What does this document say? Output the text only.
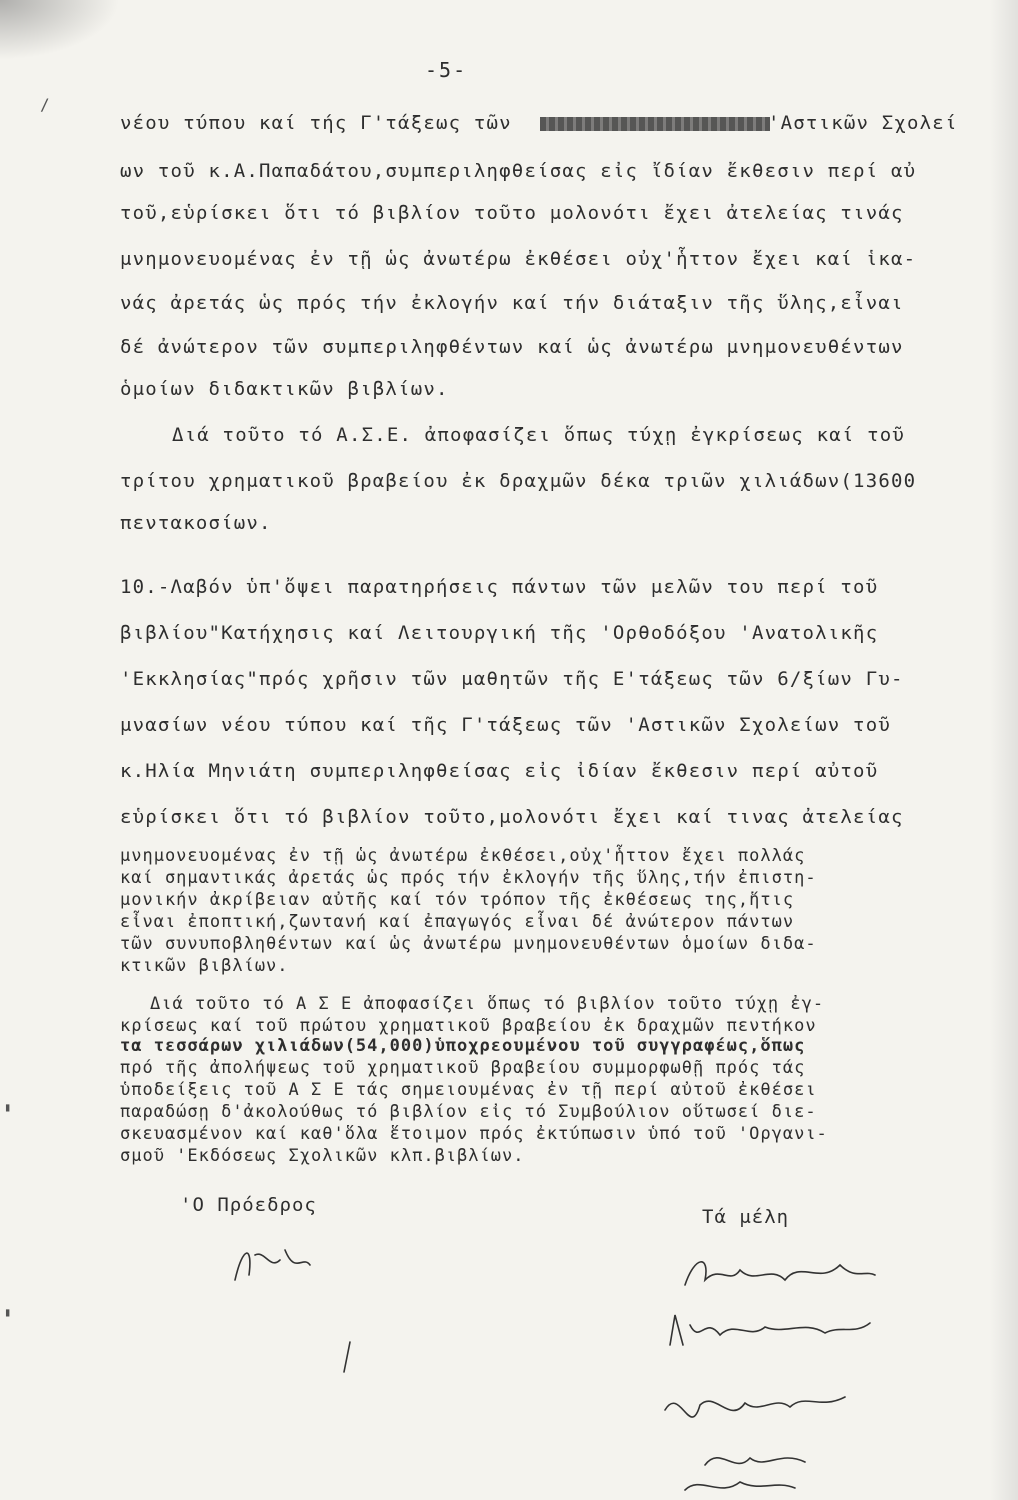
-5-
/
νέου τύπου καί τής Γ'τάξεως τῶν	'Αστικῶν Σχολεί
ων τοῦ κ.Α.Παπαδάτου,συμπεριληφθείσας εἰς ἴδίαν ἔκθεσιν περί αὐ
τοῦ,εὑρίσκει ὅτι τό βιβλίον τοῦτο μολονότι ἔχει ἀτελείας τινάς
μνημονευομένας ἐν τῇ ὡς ἀνωτέρω ἐκθέσει οὐχ'ἧττον ἔχει καί ἱκα-
νάς ἀρετάς ὡς πρός τήν ἐκλογήν καί τήν διάταξιν τῆς ὕλης,εἶναι
δέ ἀνώτερον τῶν συμπεριληφθέντων καί ὡς ἀνωτέρω μνημονευθέντων
ὁμοίων διδακτικῶν βιβλίων.
Διά τοῦτο τό Α.Σ.Ε. ἀποφασίζει ὅπως τύχῃ ἐγκρίσεως καί τοῦ
τρίτου χρηματικοῦ βραβείου ἐκ δραχμῶν δέκα τριῶν χιλιάδων(13600
πεντακοσίων.
10.-Λαβόν ὑπ'ὄψει παρατηρήσεις πάντων τῶν μελῶν του περί τοῦ
βιβλίου"Κατήχησις καί Λειτουργική τῆς 'Ορθοδόξου 'Ανατολικῆς
'Εκκλησίας"πρός χρῆσιν τῶν μαθητῶν τῆς Ε'τάξεως τῶν 6/ξίων Γυ-
μνασίων νέου τύπου καί τῆς Γ'τάξεως τῶν 'Αστικῶν Σχολείων τοῦ
κ.Ηλία Μηνιάτη συμπεριληφθείσας εἰς ἰδίαν ἔκθεσιν περί αὐτοῦ
εὑρίσκει ὅτι τό βιβλίον τοῦτο,μολονότι ἔχει καί τινας ἀτελείας
μνημονευομένας ἐν τῇ ὡς ἀνωτέρω ἐκθέσει,οὐχ'ἧττον ἔχει πολλάς
καί σημαντικάς ἀρετάς ὡς πρός τήν ἐκλογήν τῆς ὕλης,τήν ἐπιστη-
μονικήν ἀκρίβειαν αὐτῆς καί τόν τρόπον τῆς ἐκθέσεως της,ἥτις
εἶναι ἐποπτική,ζωντανή καί ἐπαγωγός εἶναι δέ ἀνώτερον πάντων
τῶν συνυποβληθέντων καί ὡς ἀνωτέρω μνημονευθέντων ὁμοίων διδα-
κτικῶν βιβλίων.
Διά τοῦτο τό Α Σ Ε ἀποφασίζει ὅπως τό βιβλίον τοῦτο τύχῃ ἐγ-
κρίσεως καί τοῦ πρώτου χρηματικοῦ βραβείου ἐκ δραχμῶν πεντήκον
τα τεσσάρων χιλιάδων(54,000)ὑποχρεουμένου τοῦ συγγραφέως,ὅπως
πρό τῆς ἀπολήψεως τοῦ χρηματικοῦ βραβείου συμμορφωθῇ πρός τάς
ὑποδείξεις τοῦ Α Σ Ε τάς σημειουμένας ἐν τῇ περί αὐτοῦ ἐκθέσει
παραδώσῃ δ'ἀκολούθως τό βιβλίον εἰς τό Συμβούλιον οὕτωσεί διε-
σκευασμένον καί καθ'ὅλα ἕτοιμον πρός ἐκτύπωσιν ὑπό τοῦ 'Οργανι-
σμοῦ 'Εκδόσεως Σχολικῶν κλπ.βιβλίων.
'Ο Πρόεδρος
Τά μέλη
▮
▮
